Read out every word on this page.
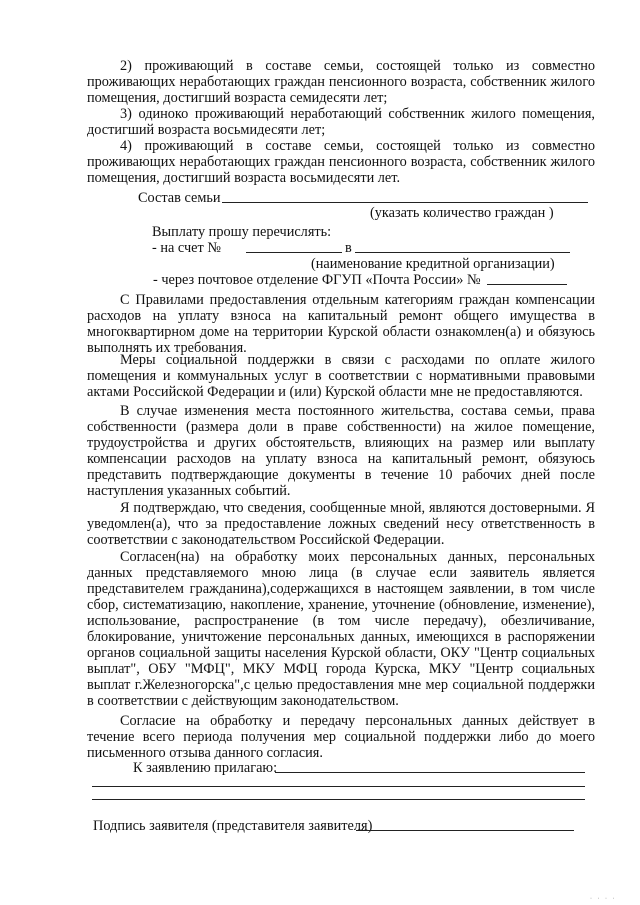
2) проживающий в составе семьи, состоящей только из совместно
проживающих неработающих граждан пенсионного возраста, собственник жилого
помещения, достигший возраста семидесяти лет;
3) одиноко проживающий неработающий собственник жилого помещения,
достигший возраста восьмидесяти лет;
4) проживающий в составе семьи, состоящей только из совместно
проживающих неработающих граждан пенсионного возраста, собственник жилого
помещения, достигший возраста восьмидесяти лет.
Состав семьи
(указать количество граждан )
Выплату прошу перечислять:
- на счет №	в
(наименование кредитной организации)
- через почтовое отделение ФГУП «Почта России» №
С Правилами предоставления отдельным категориям граждан компенсации
расходов на уплату взноса на капитальный ремонт общего имущества в
многоквартирном доме на территории Курской области ознакомлен(а) и обязуюсь
выполнять их требования.
Меры социальной поддержки в связи с расходами по оплате жилого
помещения и коммунальных услуг в соответствии с нормативными правовыми
актами Российской Федерации и (или) Курской области мне не предоставляются.
В случае изменения места постоянного жительства, состава семьи, права
собственности (размера доли в праве собственности) на жилое помещение,
трудоустройства и других обстоятельств, влияющих на размер или выплату
компенсации расходов на уплату взноса на капитальный ремонт, обязуюсь
представить подтверждающие документы в течение 10 рабочих дней после
наступления указанных событий.
Я подтверждаю, что сведения, сообщенные мной, являются достоверными. Я
уведомлен(а), что за предоставление ложных сведений несу ответственность в
соответствии с законодательством Российской Федерации.
Согласен(на) на обработку моих персональных данных, персональных
данных представляемого мною лица (в случае если заявитель является
представителем гражданина),содержащихся в настоящем заявлении, в том числе
сбор, систематизацию, накопление, хранение, уточнение (обновление, изменение),
использование, распространение (в том числе передачу), обезличивание,
блокирование, уничтожение персональных данных, имеющихся в распоряжении
органов социальной защиты населения Курской области, ОКУ "Центр социальных
выплат", ОБУ "МФЦ", МКУ МФЦ города Курска, МКУ "Центр социальных
выплат г.Железногорска",с целью предоставления мне мер социальной поддержки
в соответствии с действующим законодательством.
Согласие на обработку и передачу персональных данных действует в
течение всего периода получения мер социальной поддержки либо до моего
письменного отзыва данного согласия.
К заявлению прилагаю:
Подпись заявителя (представителя заявителя)
· · · ·
